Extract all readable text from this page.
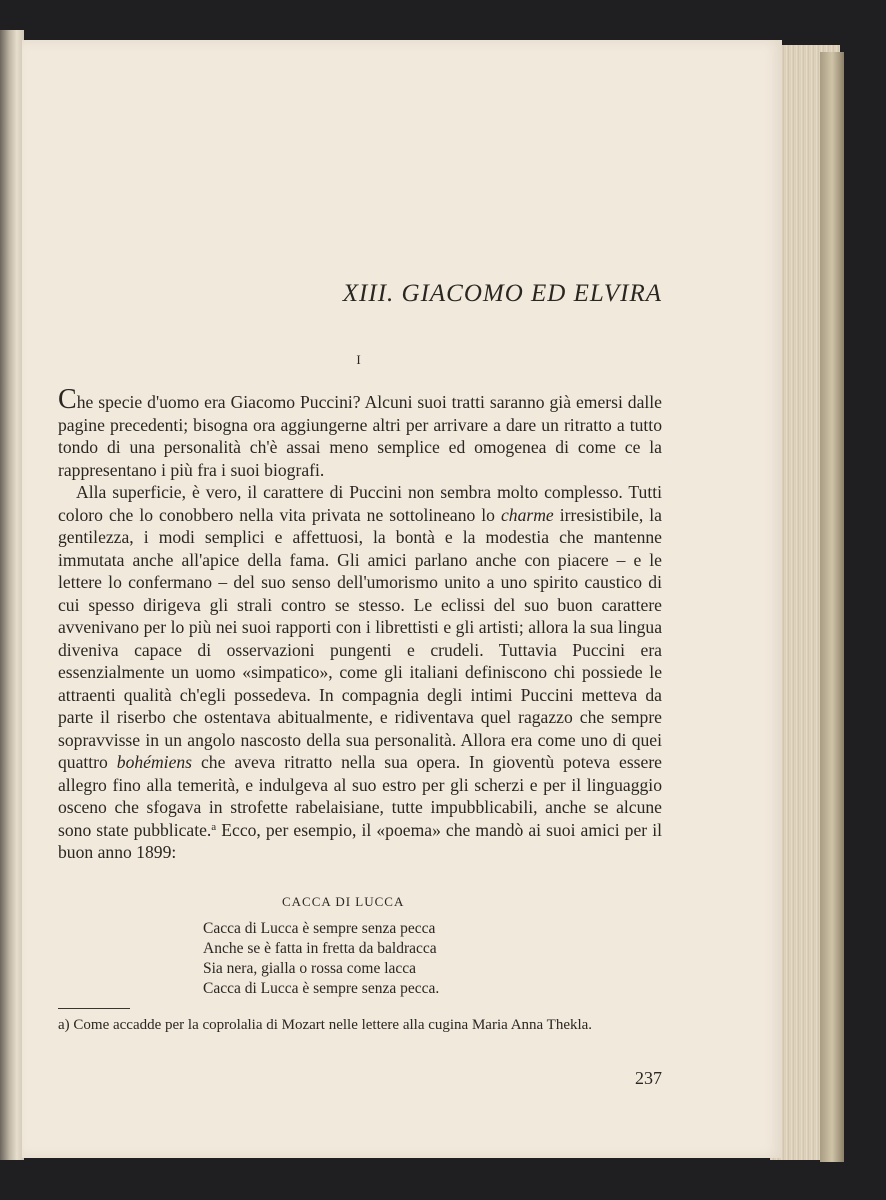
XIII. GIACOMO ED ELVIRA
I

Che specie d'uomo era Giacomo Puccini? Alcuni suoi tratti saranno già emersi dalle pagine precedenti; bisogna ora aggiungerne altri per arrivare a dare un ritratto a tutto tondo di una personalità ch'è assai meno semplice ed omogenea di come ce la rappresentano i più fra i suoi biografi.

Alla superficie, è vero, il carattere di Puccini non sembra molto complesso. Tutti coloro che lo conobbero nella vita privata ne sottolineano lo charme irresistibile, la gentilezza, i modi semplici e affettuosi, la bontà e la modestia che mantenne immutata anche all'apice della fama. Gli amici parlano anche con piacere – e le lettere lo confermano – del suo senso dell'umorismo unito a uno spirito caustico di cui spesso dirigeva gli strali contro se stesso. Le eclissi del suo buon carattere avvenivano per lo più nei suoi rapporti con i librettisti e gli artisti; allora la sua lingua diveniva capace di osservazioni pungenti e crudeli. Tuttavia Puccini era essenzialmente un uomo «simpatico», come gli italiani definiscono chi possiede le attraenti qualità ch'egli possedeva. In compagnia degli intimi Puccini metteva da parte il riserbo che ostentava abitualmente, e ridiventava quel ragazzo che sempre sopravvisse in un angolo nascosto della sua personalità. Allora era come uno di quei quattro bohémiens che aveva ritratto nella sua opera. In gioventù poteva essere allegro fino alla temerità, e indulgeva al suo estro per gli scherzi e per il linguaggio osceno che sfogava in strofette rabelaisiane, tutte impubblicabili, anche se alcune sono state pubblicate.$^a$ Ecco, per esempio, il «poema» che mandò ai suoi amici per il buon anno 1899:

CACCA DI LUCCA
Cacca di Lucca è sempre senza pecca
Anche se è fatta in fretta da baldracca
Sia nera, gialla o rossa come lacca
Cacca di Lucca è sempre senza pecca.
a) Come accadde per la coprolalia di Mozart nelle lettere alla cugina Maria Anna Thekla.
237
